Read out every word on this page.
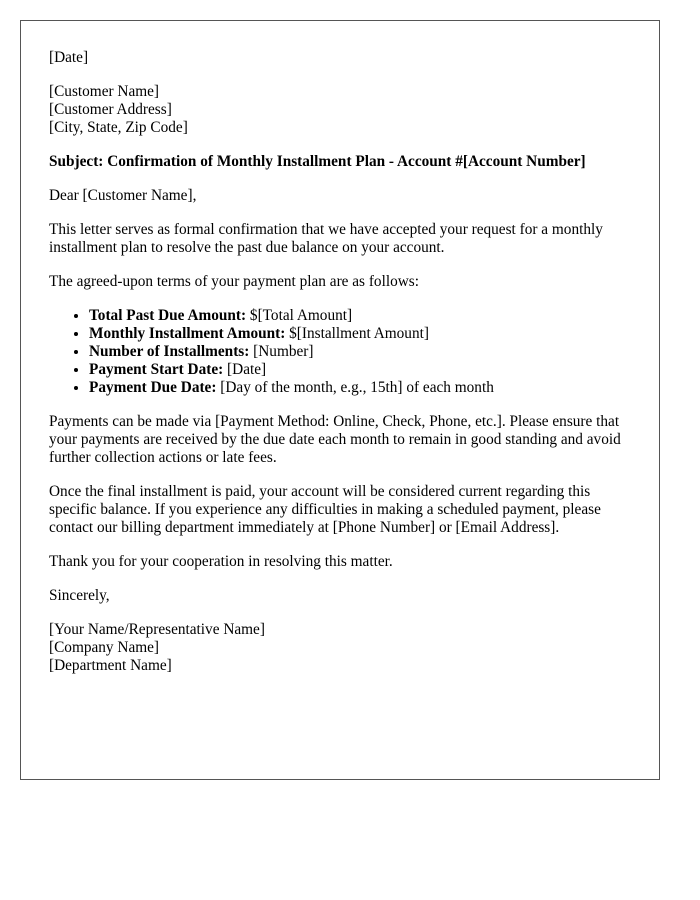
[Date]

[Customer Name]
[Customer Address]
[City, State, Zip Code]

Subject: Confirmation of Monthly Installment Plan - Account #[Account Number]

Dear [Customer Name],

This letter serves as formal confirmation that we have accepted your request for a monthly installment plan to resolve the past due balance on your account.

The agreed-upon terms of your payment plan are as follows:

• Total Past Due Amount: $[Total Amount]
• Monthly Installment Amount: $[Installment Amount]
• Number of Installments: [Number]
• Payment Start Date: [Date]
• Payment Due Date: [Day of the month, e.g., 15th] of each month

Payments can be made via [Payment Method: Online, Check, Phone, etc.]. Please ensure that your payments are received by the due date each month to remain in good standing and avoid further collection actions or late fees.

Once the final installment is paid, your account will be considered current regarding this specific balance. If you experience any difficulties in making a scheduled payment, please contact our billing department immediately at [Phone Number] or [Email Address].

Thank you for your cooperation in resolving this matter.

Sincerely,

[Your Name/Representative Name]
[Company Name]
[Department Name]
